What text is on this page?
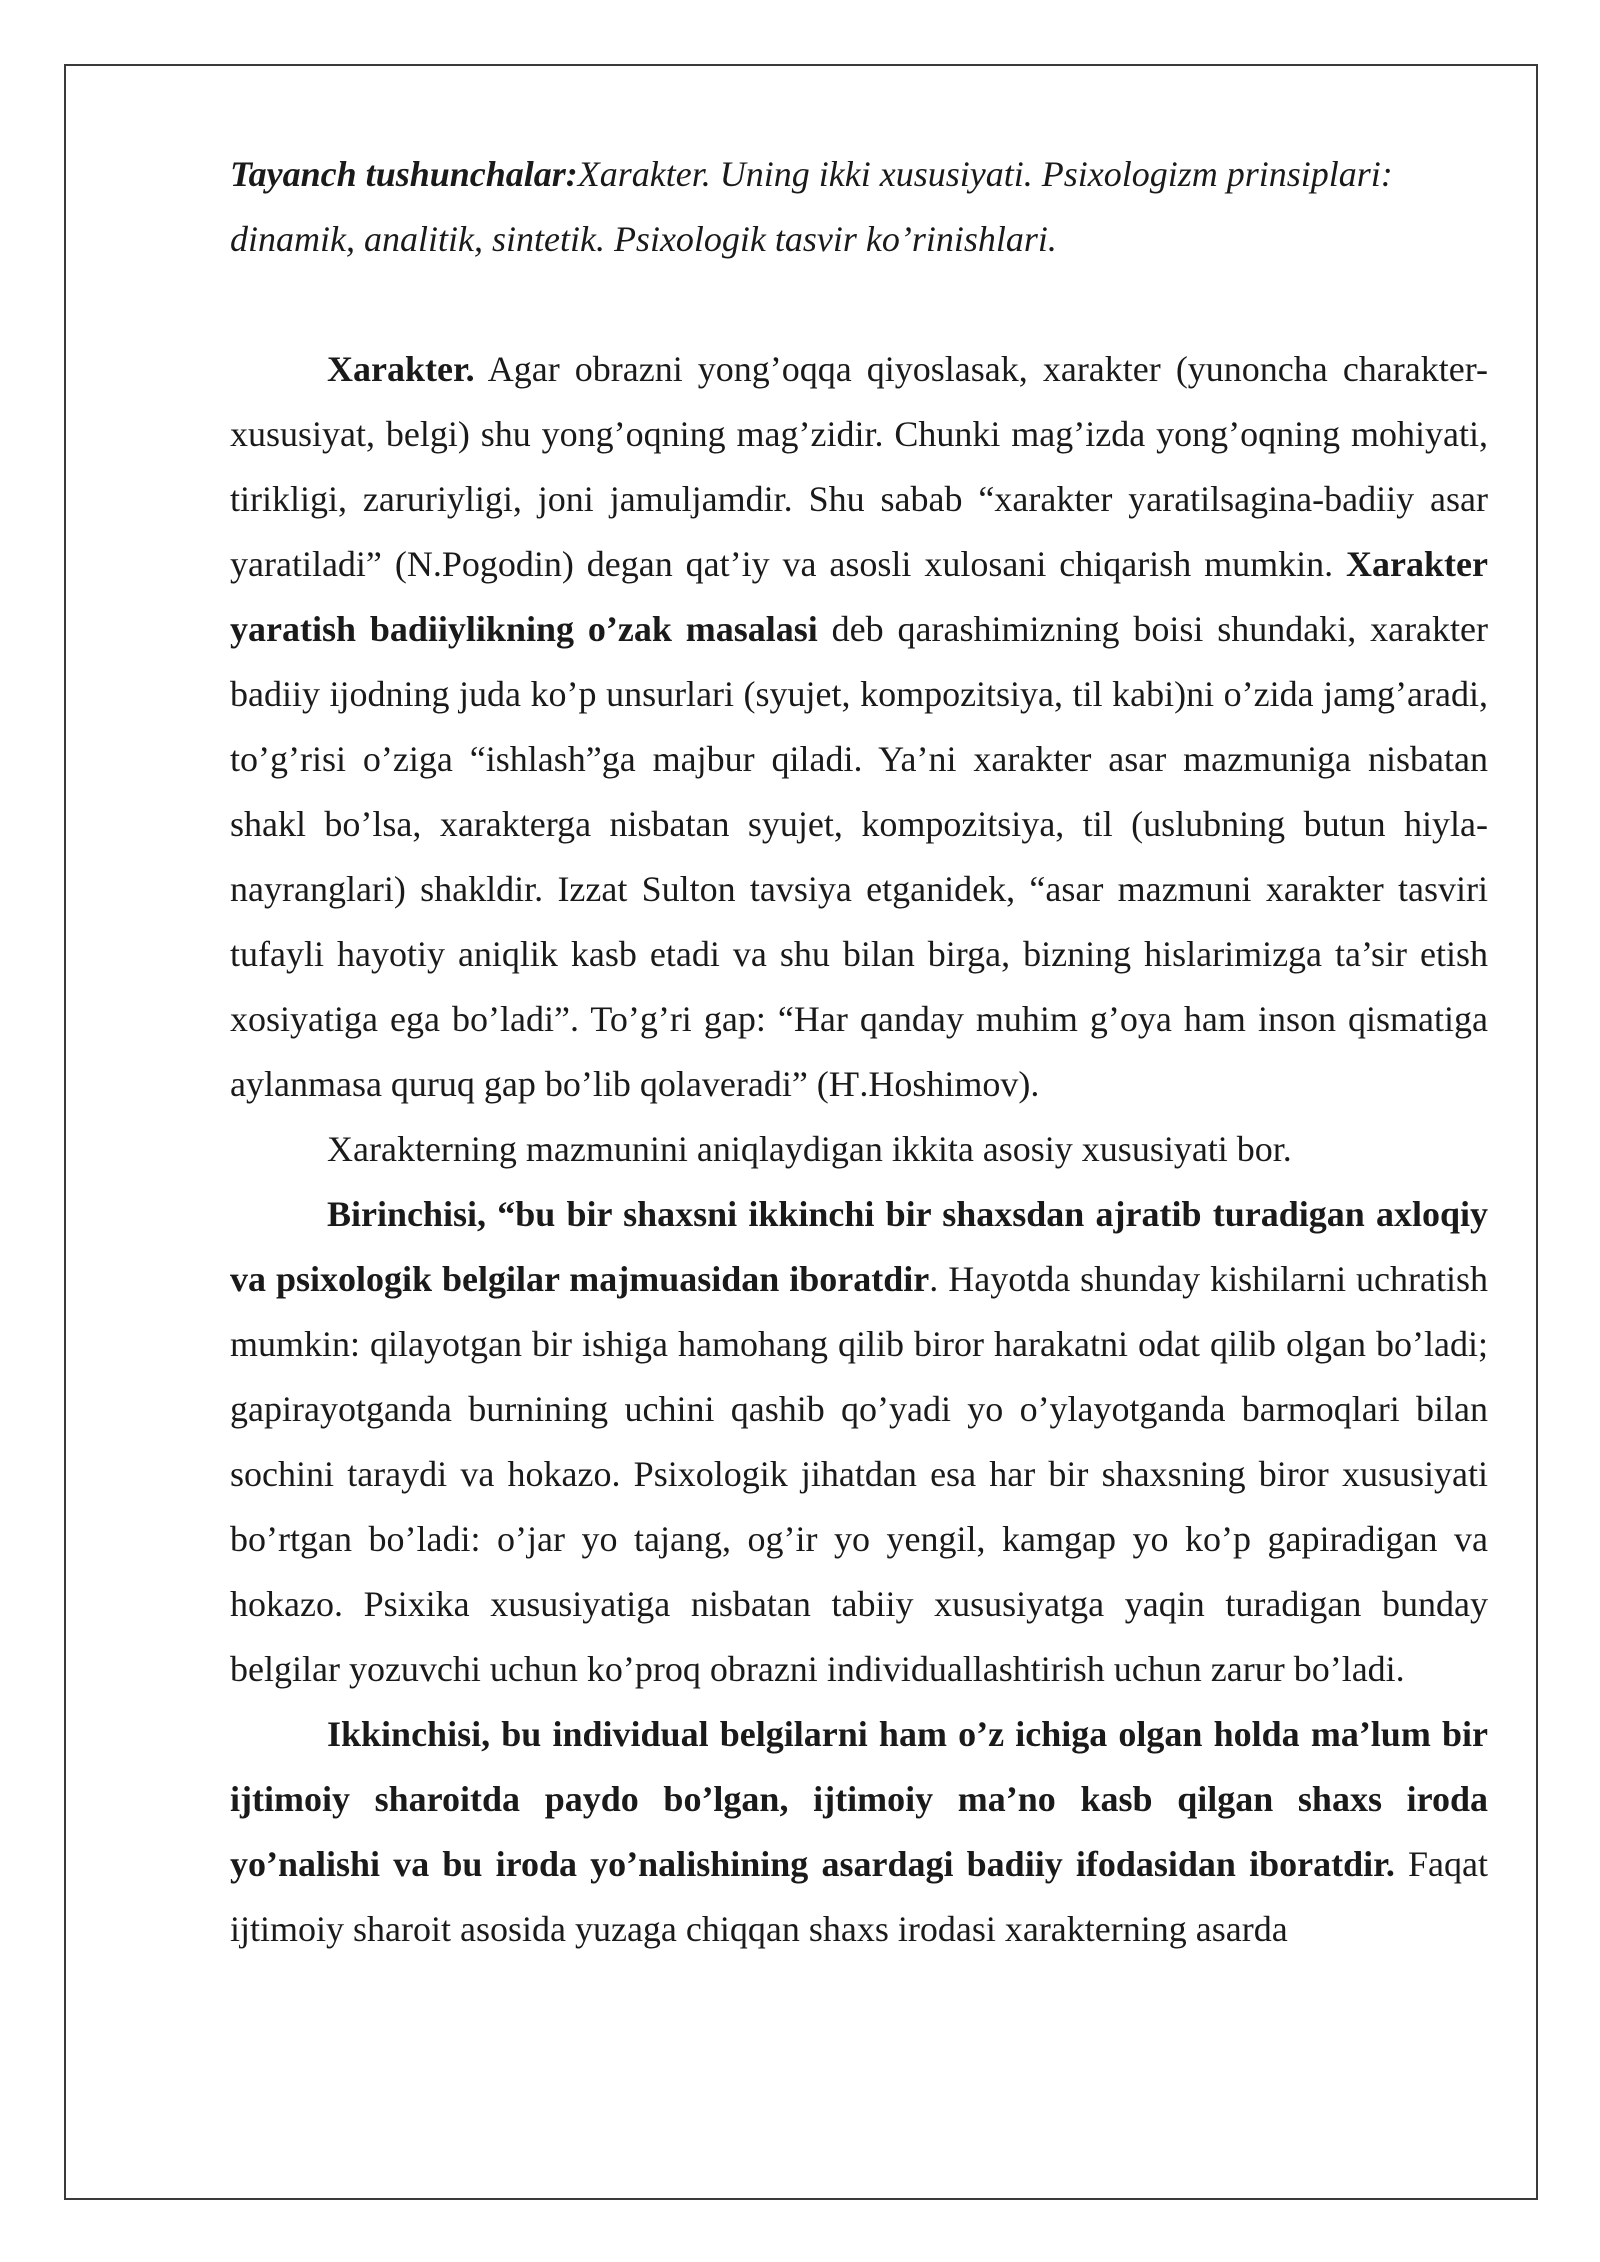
Tayanch tushunchalar:Xarakter. Uning ikki xususiyati. Psixologizm prinsiplari: dinamik, analitik, sintetik. Psixologik tasvir ko’rinishlari.

Xarakter. Agar obrazni yong’oqqa qiyoslasak, xarakter (yunoncha charakter-xususiyat, belgi) shu yong’oqning mag’zidir. Chunki mag’izda yong’oqning mohiyati, tirikligi, zaruriyligi, joni jamuljamdir. Shu sabab “xarakter yaratilsagina-badiiy asar yaratiladi” (N.Pogodin) degan qat’iy va asosli xulosani chiqarish mumkin. Xarakter yaratish badiiylikning o’zak masalasi deb qarashimizning boisi shundaki, xarakter badiiy ijodning juda ko’p unsurlari (syujet, kompozitsiya, til kabi)ni o’zida jamg’aradi, to’g’risi o’ziga “ishlash”ga majbur qiladi. Ya’ni xarakter asar mazmuniga nisbatan shakl bo’lsa, xarakterga nisbatan syujet, kompozitsiya, til (uslubning butun hiyla-nayranglari) shakldir. Izzat Sulton tavsiya etganidek, “asar mazmuni xarakter tasviri tufayli hayotiy aniqlik kasb etadi va shu bilan birga, bizning hislarimizga ta’sir etish xosiyatiga ega bo’ladi”. To’g’ri gap: “Har qanday muhim g’oya ham inson qismatiga aylanmasa quruq gap bo’lib qolaveradi” (Ҥ.Hoshimov).

Xarakterning mazmunini aniqlaydigan ikkita asosiy xususiyati bor.

Birinchisi, “bu bir shaxsni ikkinchi bir shaxsdan ajratib turadigan axloqiy va psixologik belgilar majmuasidan iboratdir. Hayotda shunday kishilarni uchratish mumkin: qilayotgan bir ishiga hamohang qilib biror harakatni odat qilib olgan bo’ladi; gapirayotganda burnining uchini qashib qo’yadi yo o’ylayotganda barmoqlari bilan sochini taraydi va hokazo. Psixologik jihatdan esa har bir shaxsning biror xususiyati bo’rtgan bo’ladi: o’jar yo tajang, og’ir yo yengil, kamgap yo ko’p gapiradigan va hokazo. Psixika xususiyatiga nisbatan tabiiy xususiyatga yaqin turadigan bunday belgilar yozuvchi uchun ko’proq obrazni individuallashtirish uchun zarur bo’ladi.

Ikkinchisi, bu individual belgilarni ham o’z ichiga olgan holda ma’lum bir ijtimoiy sharoitda paydo bo’lgan, ijtimoiy ma’no kasb qilgan shaxs iroda yo’nalishi va bu iroda yo’nalishining asardagi badiiy ifodasidan iboratdir. Faqat ijtimoiy sharoit asosida yuzaga chiqqan shaxs irodasi xarakterning asarda
